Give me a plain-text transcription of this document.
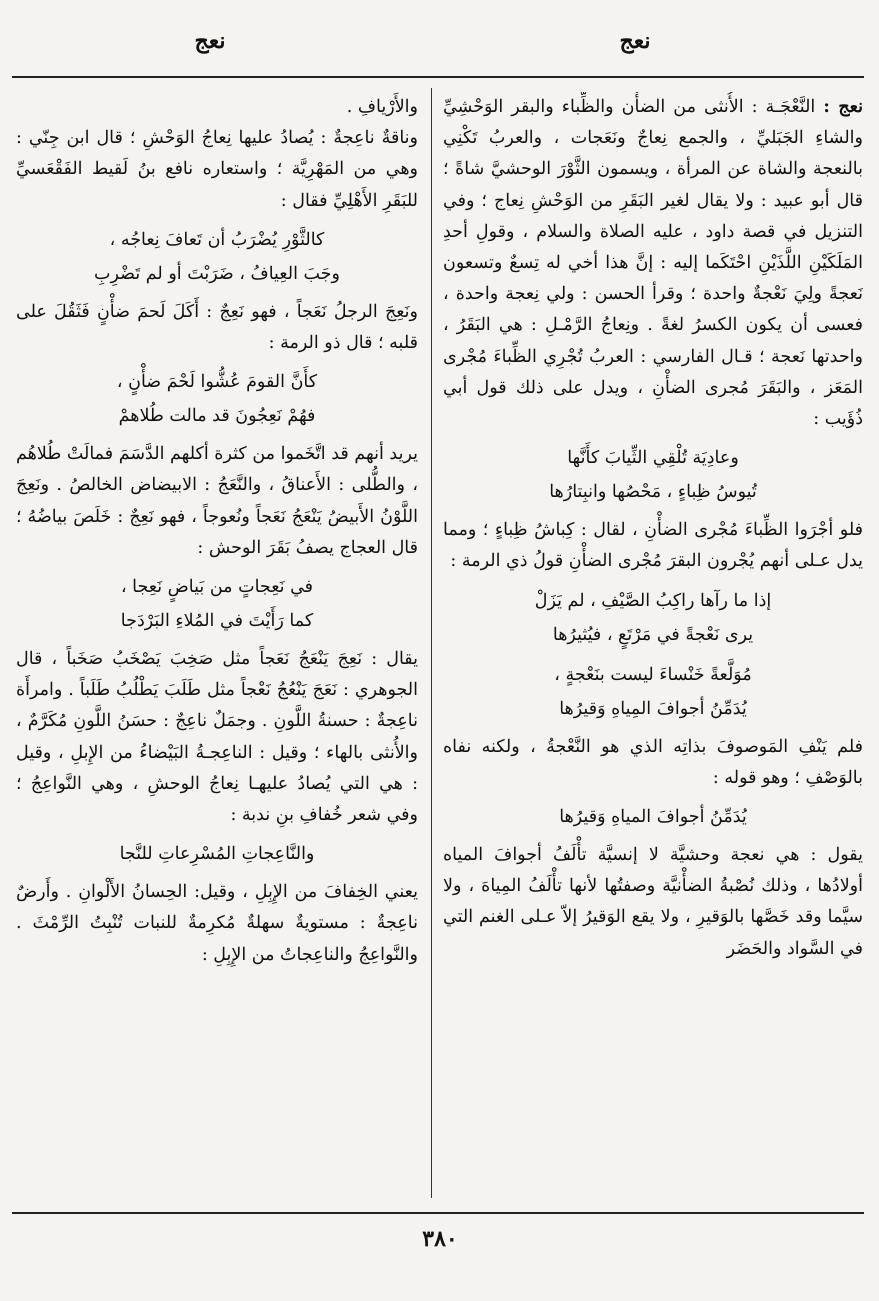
نعج
نعج

نعج : النَّعْجَـة : الأُنثى من الضأْن والظِّباء والبقر الوَحْشِيِّ والشاءِ الجَبَليِّ ، والجمع نِعاجٌ ونَعَجات ، والعربُ تَكْنِي بالنعجة والشاة عن المرأة ، ويسمون الثَّوْرَ الوحشيَّ شاةً ؛ قال أبو عبيد : ولا يقال لغير البَقَرِ من الوَحْشِ نِعاج ؛ وفي التنزيل في قصة داود ، عليه الصلاة والسلام ، وقولِ أحدِ المَلَكَيْنِ اللَّذَيْنِ احْتَكَما إليه : إنَّ هذا أخي له تِسعٌ وتسعون نَعجةً ولِيَ نَعْجةٌ واحدة ؛ وقرأ الحسن : ولي نِعجة واحدة ، فعسى أن يكون الكسرُ لغةً . ونِعاجُ الرَّمْـلِ : هي البَقَرُ ، واحدتها نَعجة ؛ قـال الفارسي : العربُ تُجْرِي الظِّباءَ مُجْرى المَعَز ، والبَقَرَ مُجرى الضأْنِ ، ويدل على ذلك قول أبي ذُؤَيب :

وعادِيَة تُلْقِي الثِّيابَ كأَنَّها
تُيوسُ ظِباءٍ ، مَحْصُها وانبِتارُها

فلو أجْرَوا الظِّباءَ مُجْرى الضأْنِ ، لقال : كِباشُ ظِباءٍ ؛ ومما يدل عـلى أنهم يُجْرون البقرَ مُجْرى الضأْنِ قولُ ذي الرمة :

إذا ما رآها راكِبُ الصَّيْفِ ، لم يَزَلْ
يرى نَعْجةً في مَرْتَعٍ ، فيُثيرُها
مُوَلَّعةً خَنْساءَ ليست بنَعْجةٍ ،
يُدَمِّنُ أجوافَ المِياهِ وَقيرُها

فلم يَنْفِ المَوصوفَ بذاتِه الذي هو النَّعْجةُ ، ولكنه نفاه بالوَصْفِ ؛ وهو قوله :

يُدَمِّنُ أجوافَ المياهِ وَقيرُها

يقول : هي نعجة وحشيَّة لا إنسيَّة تأْلَفُ أجوافَ المياه أولادُها ، وذلك نُصْبةُ الضأْنيَّة وصفتُها لأنها تأْلَفُ المِياهَ ، ولا سيَّما وقد خَصَّها بالوَقيرِ ، ولا يقع الوَقيرُ إلاّ عـلى الغنم التي في السَّواد والحَضَر

والأَرْيافِ .

وناقةٌ ناعِجةٌ : يُصادُ عليها نِعاجُ الوَحْشِ ؛ قال ابن جِنّي : وهي من المَهْرِيَّة ؛ واستعاره نافع بنُ لَقيط الفَقْعَسيِّ للبَقَرِ الأَهْلِيِّ فقال :

كالثَّوْرِ يُضْرَبُ أن تَعافَ نِعاجُه ،
وجَبَ العِيافُ ، ضَرَبْتَ أو لم تَضْرِبِ

ونَعِجَ الرجلُ نَعَجاً ، فهو نَعِجٌ : أَكَلَ لَحمَ ضأْنٍ فَثَقُلَ على قلبه ؛ قال ذو الرمة :

كأَنَّ القومَ عُشُّوا لَحْمَ ضأْنٍ ،
فهُمْ نَعِجُونَ قد مالت طُلاهمْ

يريد أنهم قد اتَّخَموا من كثرة أكلهم الدَّسَمَ فمالَتْ طُلاهُم ، والطُّلى : الأَعناقُ ، والنَّعَجُ : الابيضاض الخالصُ . ونَعِجَ اللَّوْنُ الأَبيضُ يَنْعَجُ نَعَجاً ونُعوجاً ، فهو نَعِجٌ : خَلَصَ بياضُهُ ؛ قال العجاج يصفُ بَقَرَ الوحش :

في نَعِجاتٍ من بَياضٍ نَعِجا ،
كما رَأَيْتَ في المُلاءِ البَرْدَجا

يقال : نَعِجَ يَنْعَجُ نَعَجاً مثل صَخِبَ يَصْخَبُ صَخَباً ، قال الجوهري : نَعَجَ يَنْعُجُ نَعْجاً مثل طَلَبَ يَطْلُبُ طَلَباً . وامرأَة ناعِجةٌ : حسنةُ اللَّونِ . وجمَلٌ ناعِجٌ : حسَنُ اللَّونِ مُكَرَّمٌ ، والأُنثى بالهاء ؛ وقيل : الناعِجـةُ البَيْضاءُ من الإِبلِ ، وقيل : هي التي يُصادُ عليهـا نِعاجُ الوحشِ ، وهي النَّواعِجُ ؛ وفي شعر خُفافِ بنِ ندبة :

والنَّاعِجاتِ المُسْرِعاتِ للنَّجا

يعني الخِفافَ من الإِبِلِ ، وقيل: الحِسانُ الأَلْوانِ . وأَرضٌ ناعِجةٌ : مستويةٌ سهلةٌ مُكرِمةٌ للنبات تُنْبِتُ الرِّمْثَ . والنَّواعِجُ والناعِجاتُ من الإِبِلِ :

٣٨٠
